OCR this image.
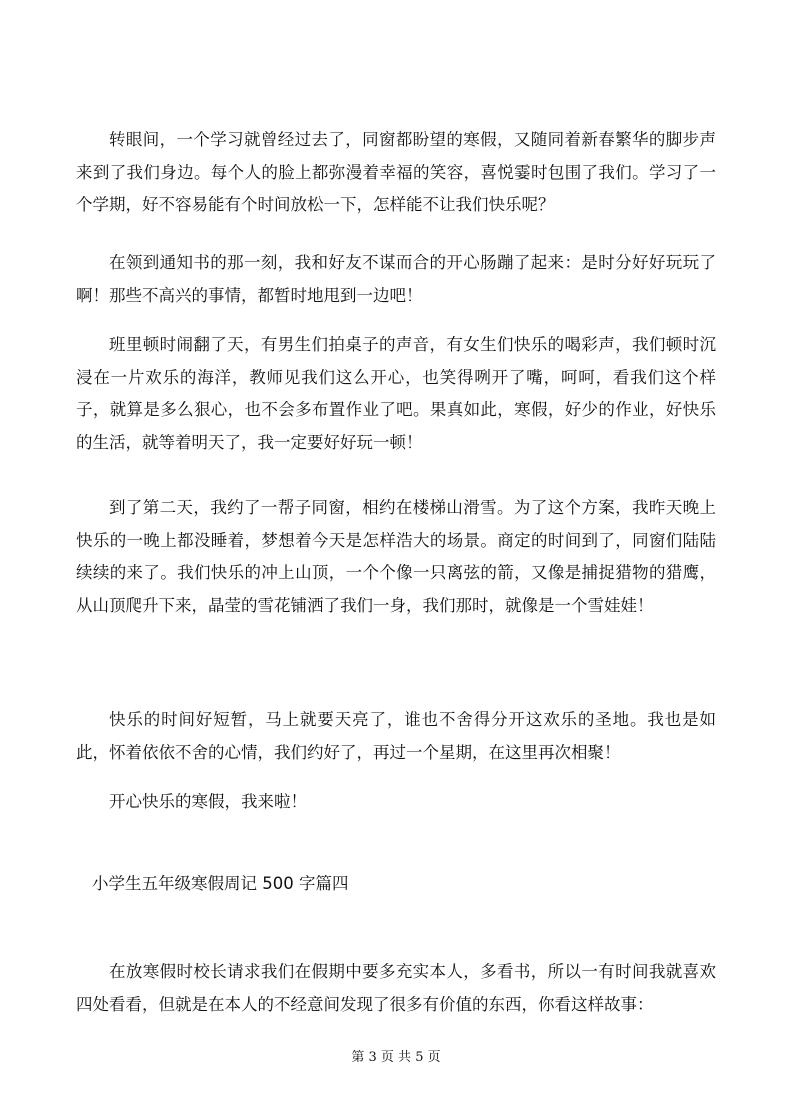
转眼间，一个学习就曾经过去了，同窗都盼望的寒假，又随同着新春繁华的脚步声来到了我们身边。每个人的脸上都弥漫着幸福的笑容，喜悦霎时包围了我们。学习了一个学期，好不容易能有个时间放松一下，怎样能不让我们快乐呢？

在领到通知书的那一刻，我和好友不谋而合的开心肠蹦了起来：是时分好好玩玩了啊！那些不高兴的事情，都暂时地甩到一边吧！

班里顿时闹翻了天，有男生们拍桌子的声音，有女生们快乐的喝彩声，我们顿时沉浸在一片欢乐的海洋，教师见我们这么开心，也笑得咧开了嘴，呵呵，看我们这个样子，就算是多么狠心，也不会多布置作业了吧。果真如此，寒假，好少的作业，好快乐的生活，就等着明天了，我一定要好好玩一顿！

到了第二天，我约了一帮子同窗，相约在楼梯山滑雪。为了这个方案，我昨天晚上快乐的一晚上都没睡着，梦想着今天是怎样浩大的场景。商定的时间到了，同窗们陆陆续续的来了。我们快乐的冲上山顶，一个个像一只离弦的箭，又像是捕捉猎物的猎鹰，从山顶爬升下来，晶莹的雪花铺洒了我们一身，我们那时，就像是一个雪娃娃！

快乐的时间好短暂，马上就要天亮了，谁也不舍得分开这欢乐的圣地。我也是如此，怀着依依不舍的心情，我们约好了，再过一个星期，在这里再次相聚！

开心快乐的寒假，我来啦！

小学生五年级寒假周记 500 字篇四

在放寒假时校长请求我们在假期中要多充实本人，多看书，所以一有时间我就喜欢四处看看，但就是在本人的不经意间发现了很多有价值的东西，你看这样故事：

第 3 页 共 5 页
